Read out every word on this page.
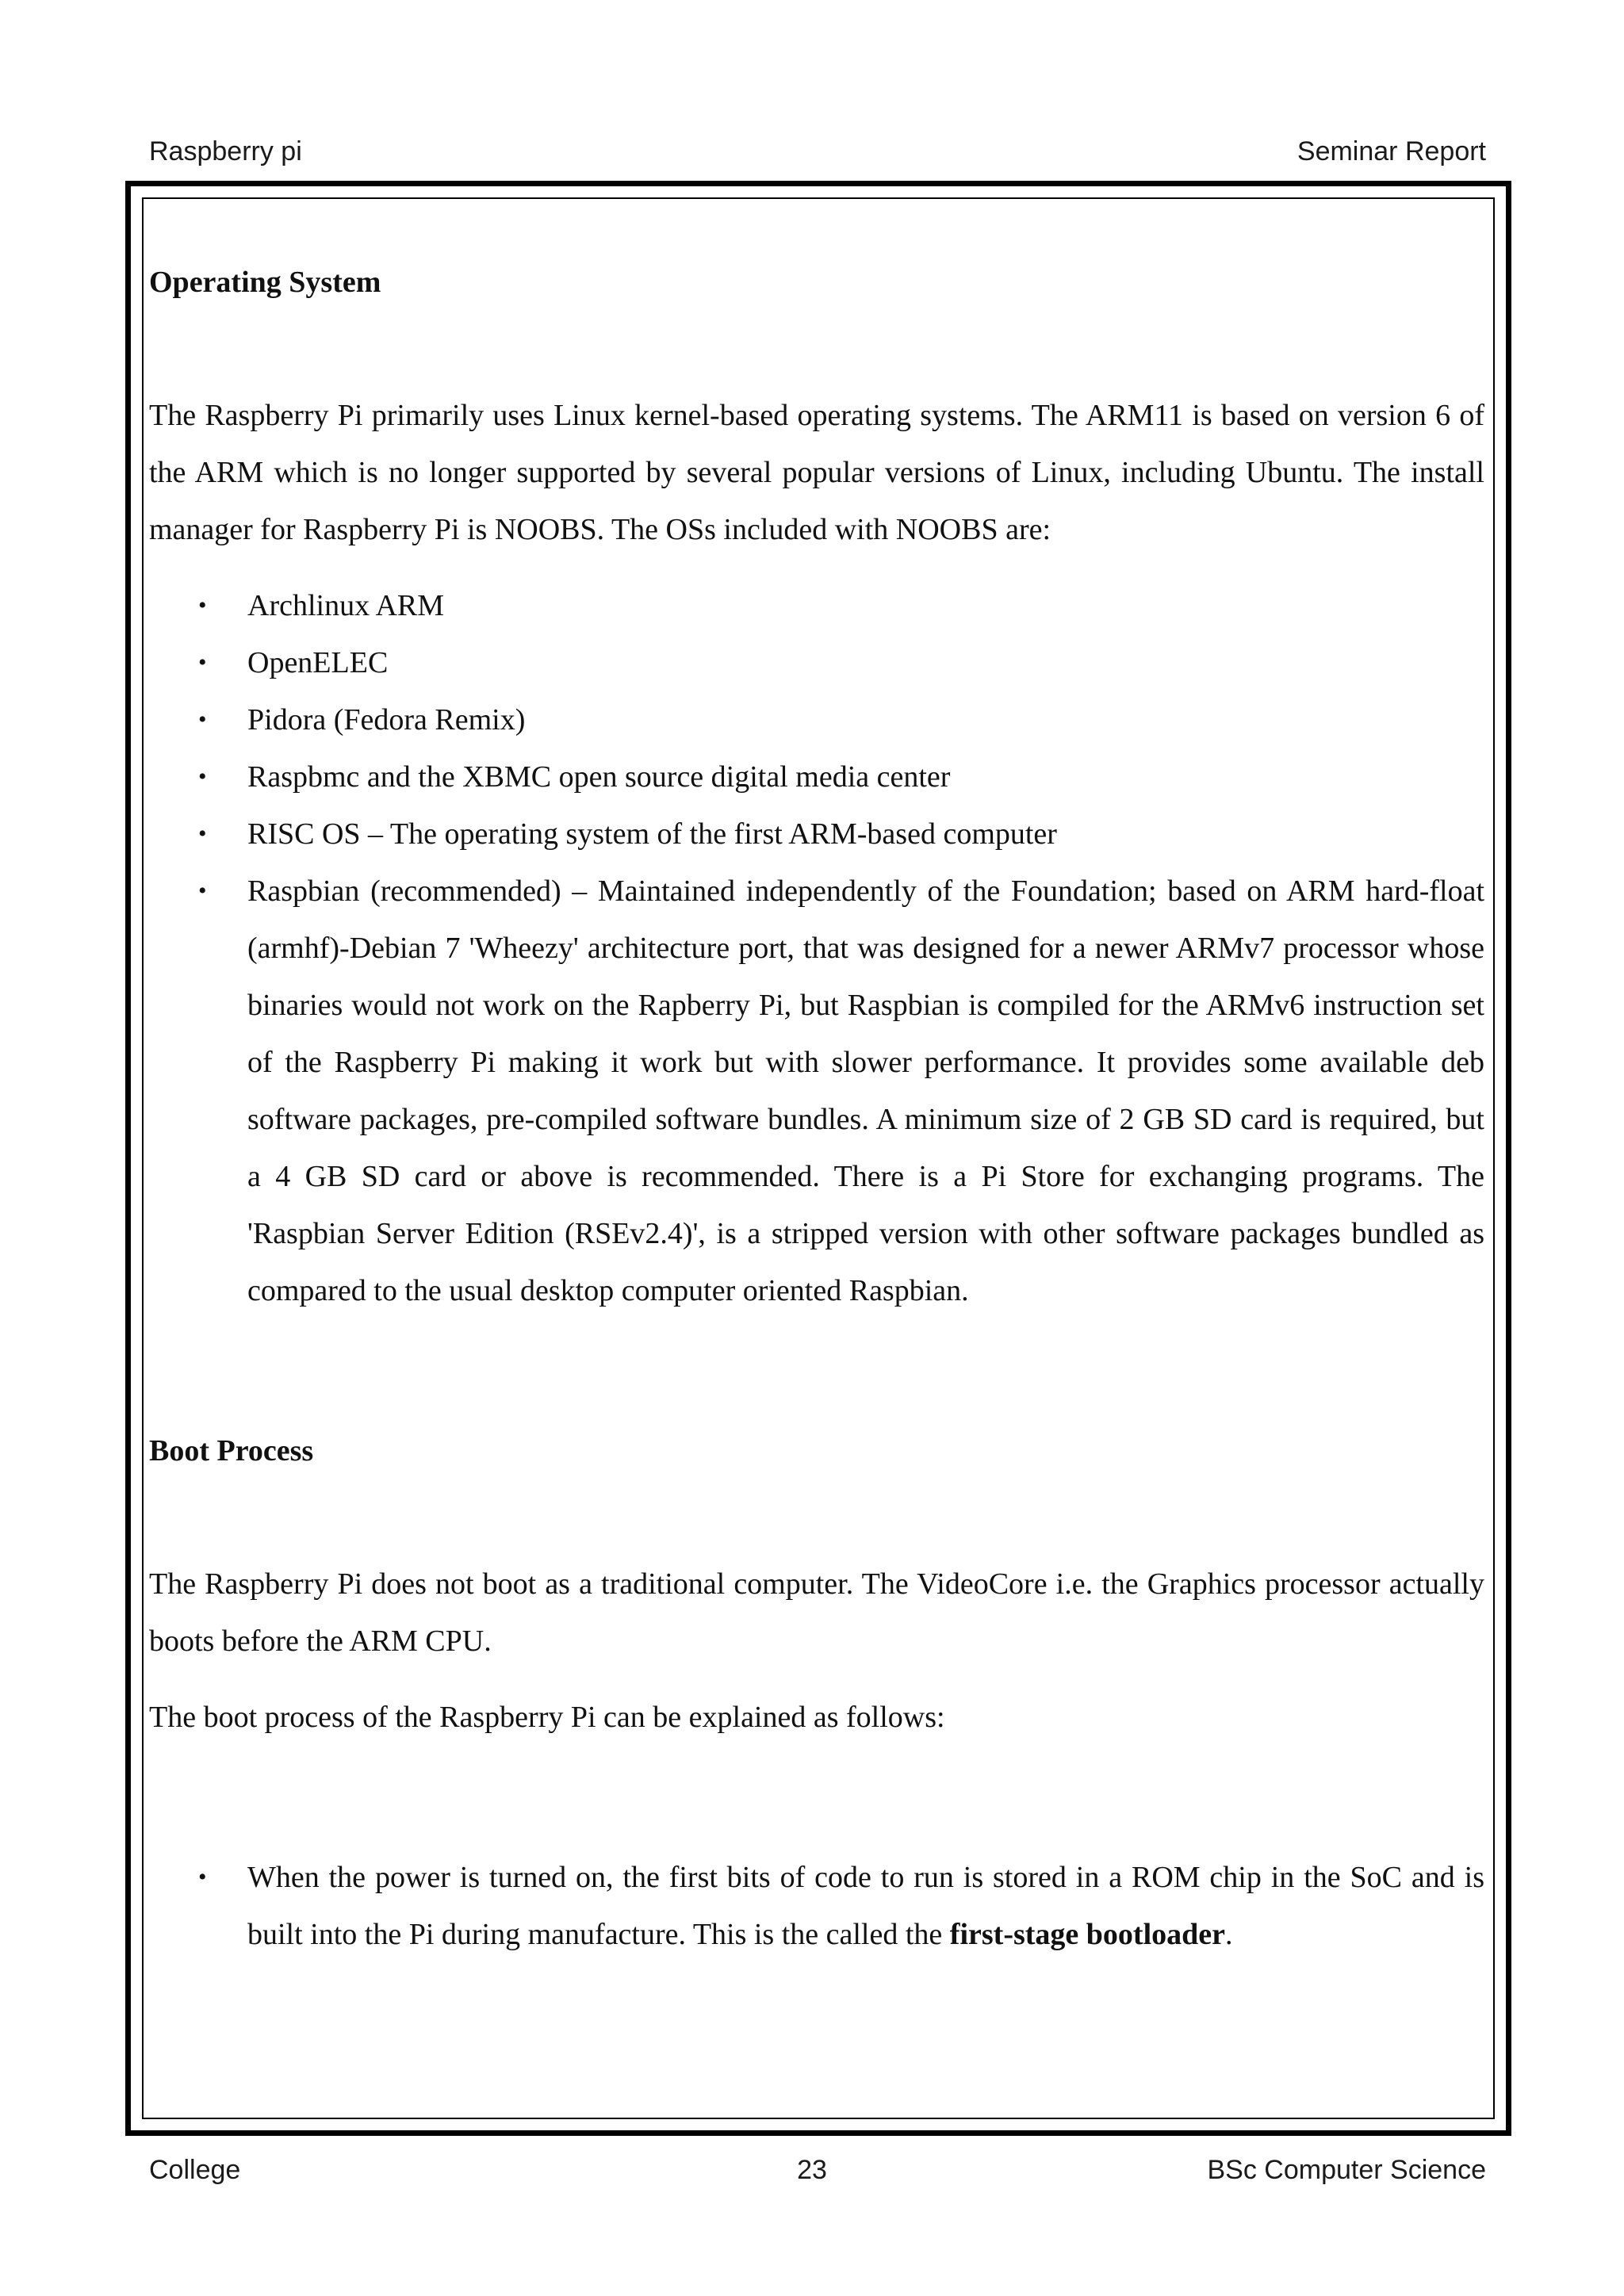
Raspberry pi	Seminar Report

Operating System

The Raspberry Pi primarily uses Linux kernel-based operating systems. The ARM11 is based on version 6 of the ARM which is no longer supported by several popular versions of Linux, including Ubuntu. The install manager for Raspberry Pi is NOOBS. The OSs included with NOOBS are:

• Archlinux ARM
• OpenELEC
• Pidora (Fedora Remix)
• Raspbmc and the XBMC open source digital media center
• RISC OS – The operating system of the first ARM-based computer
• Raspbian (recommended) – Maintained independently of the Foundation; based on ARM hard-float (armhf)-Debian 7 'Wheezy' architecture port, that was designed for a newer ARMv7 processor whose binaries would not work on the Rapberry Pi, but Raspbian is compiled for the ARMv6 instruction set of the Raspberry Pi making it work but with slower performance. It provides some available deb software packages, pre-compiled software bundles. A minimum size of 2 GB SD card is required, but a 4 GB SD card or above is recommended. There is a Pi Store for exchanging programs. The 'Raspbian Server Edition (RSEv2.4)', is a stripped version with other software packages bundled as compared to the usual desktop computer oriented Raspbian.

Boot Process

The Raspberry Pi does not boot as a traditional computer. The VideoCore i.e. the Graphics processor actually boots before the ARM CPU.

The boot process of the Raspberry Pi can be explained as follows:

• When the power is turned on, the first bits of code to run is stored in a ROM chip in the SoC and is built into the Pi during manufacture. This is the called the first-stage bootloader.
College	23	BSc Computer Science
